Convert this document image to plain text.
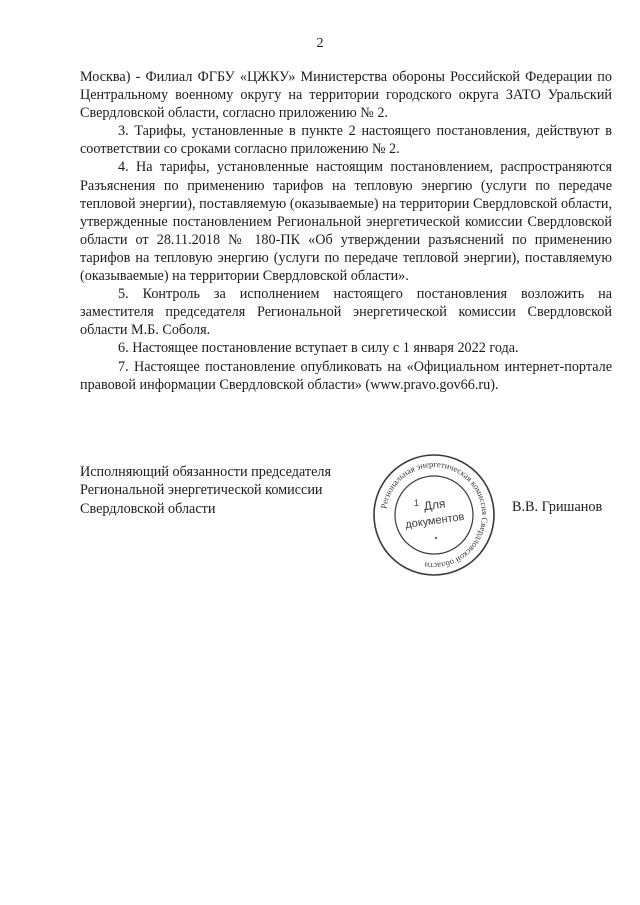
2

Москва) - Филиал ФГБУ «ЦЖКУ» Министерства обороны Российской Федерации по Центральному военному округу на территории городского округа ЗАТО Уральский Свердловской области, согласно приложению № 2.

3. Тарифы, установленные в пункте 2 настоящего постановления, действуют в соответствии со сроками согласно приложению № 2.

4. На тарифы, установленные настоящим постановлением, распространяются Разъяснения по применению тарифов на тепловую энергию (услуги по передаче тепловой энергии), поставляемую (оказываемые) на территории Свердловской области, утвержденные постановлением Региональной энергетической комиссии Свердловской области от 28.11.2018 № 180-ПК «Об утверждении разъяснений по применению тарифов на тепловую энергию (услуги по передаче тепловой энергии), поставляемую (оказываемые) на территории Свердловской области».

5. Контроль за исполнением настоящего постановления возложить на заместителя председателя Региональной энергетической комиссии Свердловской области М.Б. Соболя.

6. Настоящее постановление вступает в силу с 1 января 2022 года.

7. Настоящее постановление опубликовать на «Официальном интернет-портале правовой информации Свердловской области» (www.pravo.gov66.ru).

Исполняющий обязанности председателя
Региональной энергетической комиссии
Свердловской области	В.В. Гришанов
Региональная энергетическая комиссия Свердловской области
1 Для
документов
